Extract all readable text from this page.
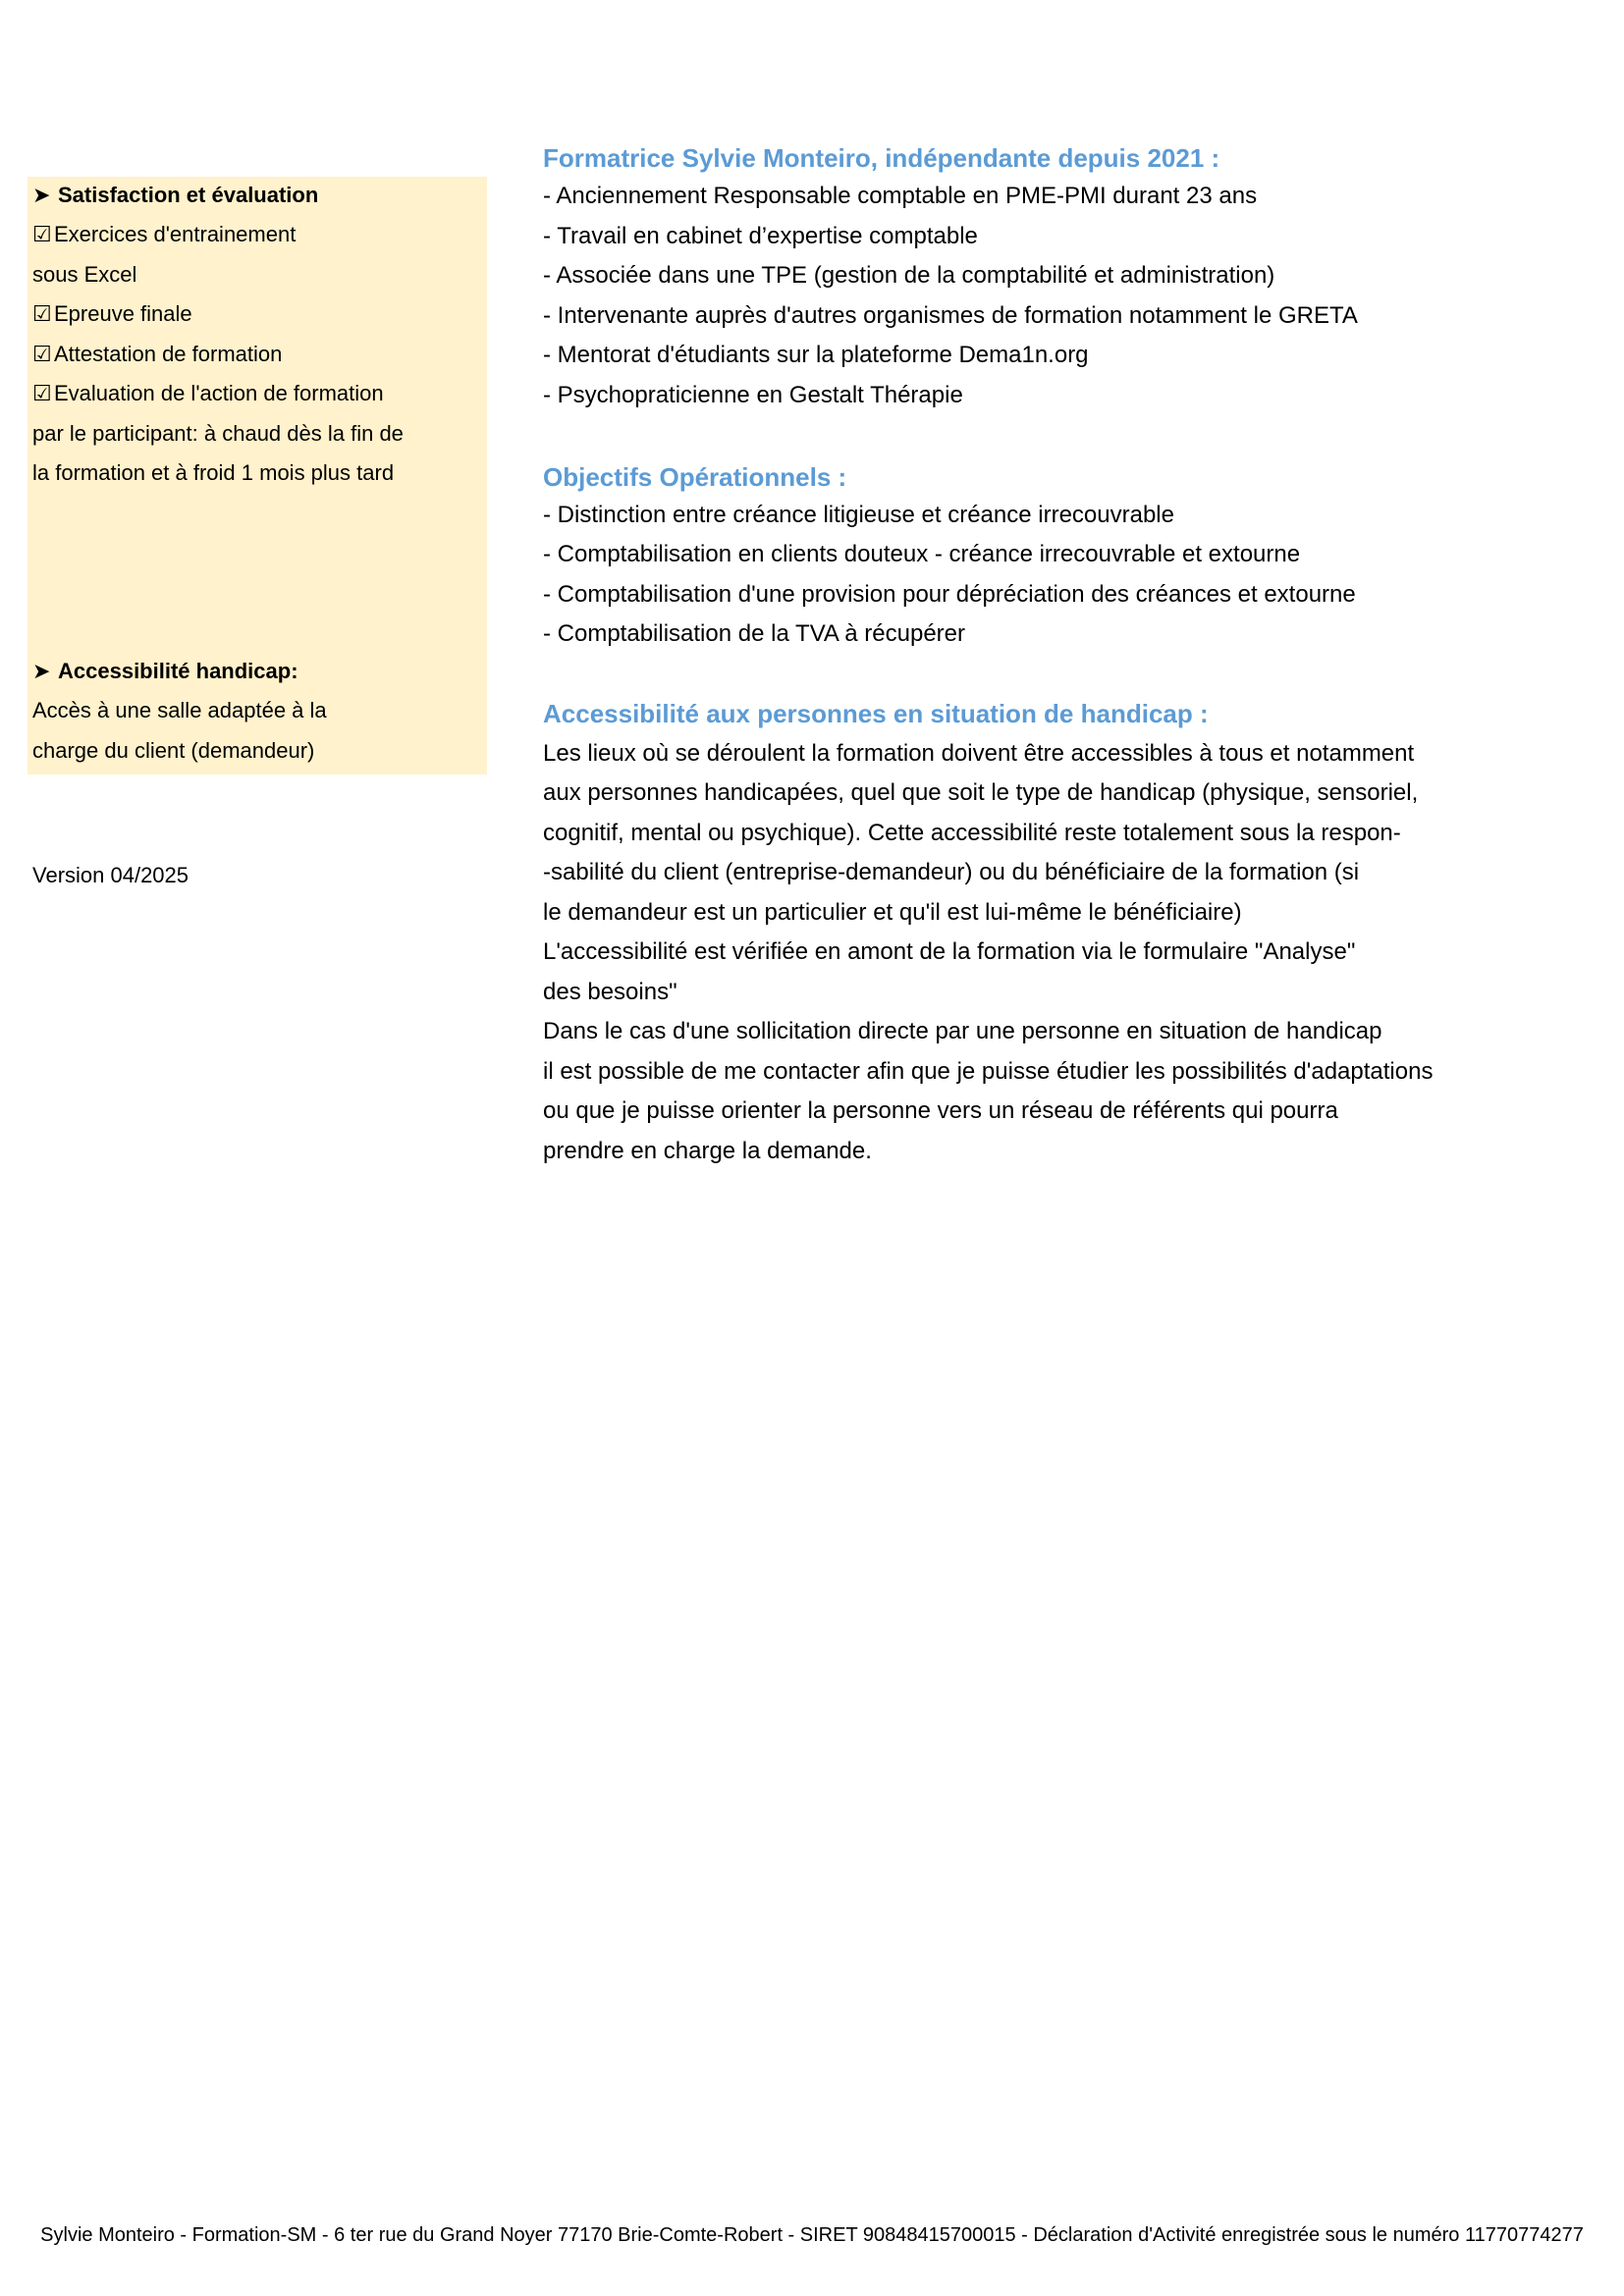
➤ Satisfaction et évaluation
☑ Exercices d'entrainement
sous Excel
☑ Epreuve finale
☑ Attestation de formation
☑ Evaluation de l'action de formation
par le participant: à chaud dès la fin de
la formation et à froid 1 mois plus tard
➤ Accessibilité handicap:
Accès à une salle adaptée à la
charge du client (demandeur)
Version 04/2025
Formatrice Sylvie Monteiro, indépendante depuis 2021 :
- Anciennement Responsable comptable en PME-PMI durant 23 ans
- Travail en cabinet d’expertise comptable
- Associée dans une TPE (gestion de la comptabilité et administration)
- Intervenante auprès d'autres organismes de formation notamment le GRETA
- Mentorat d'étudiants sur la plateforme Dema1n.org
- Psychopraticienne en Gestalt Thérapie
Objectifs Opérationnels :
- Distinction entre créance litigieuse et créance irrecouvrable
- Comptabilisation en clients douteux - créance irrecouvrable et extourne
- Comptabilisation d'une provision pour dépréciation des créances et extourne
- Comptabilisation de la TVA à récupérer
Accessibilité aux personnes en situation de handicap :
Les lieux où se déroulent la formation doivent être accessibles à tous et notamment
aux personnes handicapées, quel que soit le type de handicap (physique, sensoriel,
cognitif, mental ou psychique). Cette accessibilité reste totalement sous la respon-
-sabilité du client (entreprise-demandeur) ou du bénéficiaire de la formation (si
le demandeur est un particulier et qu'il est lui-même le bénéficiaire)
L'accessibilité est vérifiée en amont de la formation via le formulaire "Analyse"
des besoins"
Dans le cas d'une sollicitation directe par une personne en situation de handicap
il est possible de me contacter afin que je puisse étudier les possibilités d'adaptations
ou que je puisse orienter la personne vers un réseau de référents qui pourra
prendre en charge la demande.
Sylvie Monteiro - Formation-SM - 6 ter rue du Grand Noyer 77170 Brie-Comte-Robert - SIRET 90848415700015 - Déclaration d'Activité enregistrée sous le numéro 11770774277
